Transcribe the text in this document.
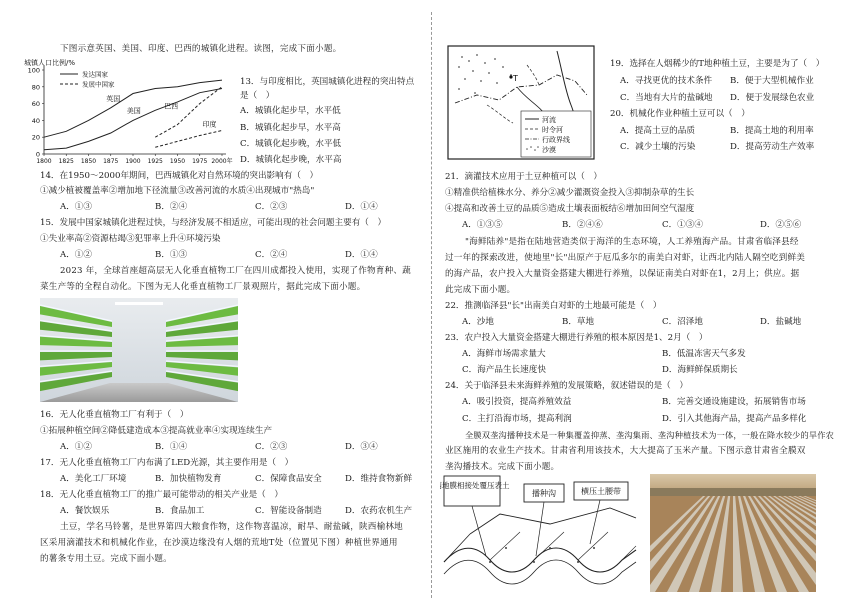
下图示意英国、美国、印度、巴西的城镇化进程。读图，完成下面小题。
城镇人口比例/%
0
20
40
60
80
100
1800 1825 1850 1875 1900 1925 1950 1975 2000年
英国
美国
巴西
印度
发达国家
发展中国家	13．与印度相比，英国城镇化进程的突出特点
是（　）
A．城镇化起步早，水平低
B．城镇化起步早，水平高
C．城镇化起步晚，水平低
D．城镇化起步晚，水平高
14．在1950～2000年期间，巴西城镇化对自然环境的突出影响有（　）
①减少植被覆盖率②增加地下径流量③改善河流的水质④出现城市"热岛"
A．①③	B．②④	C．②③	D．①④
15．发展中国家城镇化进程过快，与经济发展不相适应，可能出现的社会问题主要有（　）
①失业率高②资源枯竭③犯罪率上升④环境污染
A．①②	B．①③	C．②④	D．①④
2023 年，全球首座超高层无人化垂直植物工厂在四川成都投入使用，实现了作物育种、蔬
菜生产等的全程自动化。下图为无人化垂直植物工厂景观照片，据此完成下面小题。
16．无人化垂直植物工厂有利于（　）
①拓展种植空间②降低建造成本③提高就业率④实现连续生产
A．①②	B．①④	C．②③	D．③④
17．无人化垂直植物工厂内布满了LED光源，其主要作用是（　）
A．美化工厂环境	B．加快植物发育	C．保障食品安全	D．维持食物新鲜
18．无人化垂直植物工厂的推广最可能带动的相关产业是（　）
A．餐饮娱乐	B．食品加工	C．智能设备制造	D．农药农机生产
土豆，学名马铃薯，是世界第四大粮食作物，这作物喜温凉，耐旱、耐盐碱，陕西榆林地
区采用滴灌技术和机械化作业，在沙漠边缘没有人烟的荒地T处（位置见下图）种植世界通用
的薯条专用土豆。完成下面小题。
T
河流
时令河
行政界线
沙漠
19．选择在人烟稀少的T地种植土豆，主要是为了（　）
A．寻找更优的技术条件 B．便于大型机械作业
C．当地有大片的盐碱地 D．便于发展绿色农业
20．机械化作业种植土豆可以（　）
A．提高土豆的品质	B．提高土地的利用率
C．减少土壤的污染	D．提高劳动生产效率
21．滴灌技术应用于土豆种植可以（　）
①精准供给植株水分、养分②减少灌溉资金投入③抑制杂草的生长
④提高和改善土豆的品质⑤造成土壤表面板结⑥增加田间空气湿度
A．①③⑤	B．②④⑥	C．①③④	D．②⑤⑥
"海鲜陆养"是指在陆地营造类似于海洋的生态环境，人工养殖海产品。甘肃省临泽县经
过一年的探索改进，使地里"长"出原产于厄瓜多尔的南美白对虾，让西北内陆人隔空吃到鲜美
的海产品，农户投入大量资金搭建大棚进行养殖，以保证南美白对虾在1，2月上；供应。据
此完成下面小题。
22．推测临泽县"长"出南美白对虾的土地最可能是（　）
A．沙地	B．草地	C．沼泽地	D．盐碱地
23．农户投入大量资金搭建大棚进行养殖的根本原因是1、2月（　）
A．海鲜市场需求量大	B．低温冻害天气多发
C．海产品生长速度快	D．海鲜鲜保质期长
24．关于临泽县未来海鲜养殖的发展策略，叙述错误的是（　）
A．吸引投资，提高养殖效益	B．完善交通设施建设，拓展销售市场
C．主打沿海市场，提高利润	D．引入其他海产品，提高产品多样化
全膜双垄沟播种技术是一种集覆盖抑蒸、垄沟集雨、垄沟种植技术为一体，一般在降水较少的旱作农
业区施用的农业生产技术。甘肃省利用该技术，大大提高了玉米产量。下图示意甘肃省全膜双
垄沟播技术。完成下面小题。
两地膜相接处覆压表土
播种沟	横压土腰带
